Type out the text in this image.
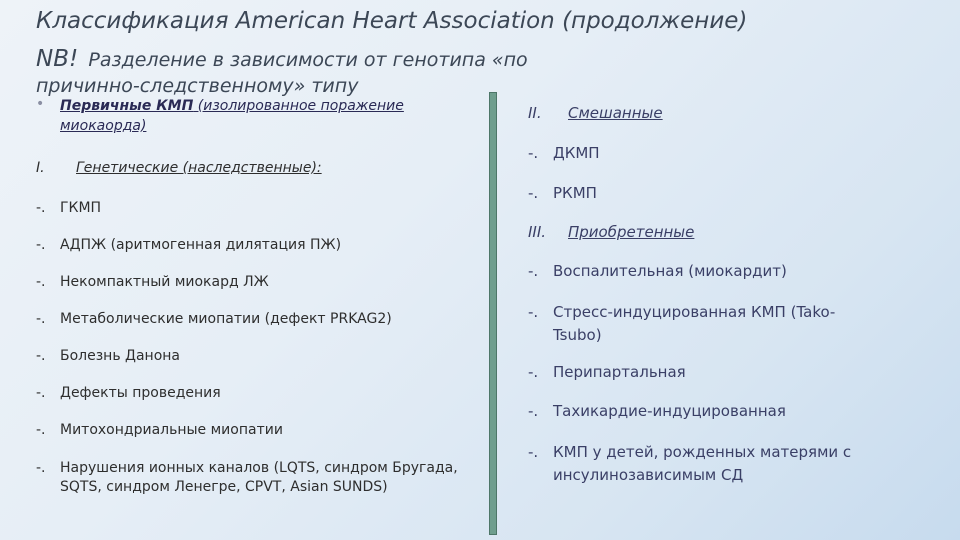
Классификация American Heart Association (продолжение)
NB! Разделение в зависимости от генотипа «по
причинно-следственному» типу
•	Первичные КМП (изолированное поражение миокаорда)
I.	Генетические (наследственные):
-.	ГКМП
-.	АДПЖ (аритмогенная дилятация ПЖ)
-.	Некомпактный миокард ЛЖ
-.	Метаболические миопатии (дефект PRKAG2)
-.	Болезнь Данона
-.	Дефекты проведения
-.	Митохондриальные миопатии
-.	Нарушения ионных каналов (LQTS, синдром Бругада, SQTS, синдром Ленегре, CPVT, Asian SUNDS)
II.	Смешанные
-. ДКМП
-. РКМП
III.	Приобретенные
-. Воспалительная (миокардит)
-. Стресс-индуцированная КМП (Tako-Tsubo)
-. Перипартальная
-. Тахикардие-индуцированная
-. КМП у детей, рожденных матерями с инсулинозависимым СД
